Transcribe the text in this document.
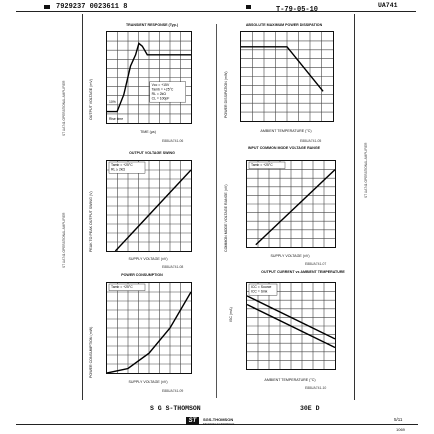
7929237 0023611 8	T-79-05-10
UA741
ST UA741 OPERATIONAL AMPLIFIER
ST UA741 OPERATIONAL AMPLIFIER
ST UA741 OPERATIONAL AMPLIFIER
TRANSIENT RESPONSE (Typ.)
OUTPUT VOLTAGE (mV)	Vcc = +15V
Tamb = +25°C
RL = 2kΩ
CL = 100pF
10%
Rise time
TIME (µs)
E88UA741-06
ABSOLUTE MAXIMUM POWER DISSIPATION
POWER DISSIPATION (mW)
AMBIENT TEMPERATURE (°C)
E88UA741-05
OUTPUT VOLTAGE SWING
PEAK TO PEAK OUTPUT SWING (V)
Tamb = +25°C
RL ≥ 2kΩ
SUPPLY VOLTAGE (±V)
E88UA741-08
INPUT COMMON MODE VOLTAGE RANGE
COMMON MODE VOLTAGE RANGE (±V)
Tamb = +25°C
SUPPLY VOLTAGE (±V)
E88UA741-07
POWER CONSUMPTION
POWER CONSUMPTION (mW)
Tamb = +25°C
SUPPLY VOLTAGE (±V)
E88UA741-09
OUTPUT CURRENT vs AMBIENT TEMPERATURE
ISC (mA)
ICC = Source
ICC = Sink
AMBIENT TEMPERATURE (°C)
E88UA741-10
S G S-THOMSON	30E D
ST	SGS-THOMSON
MICROELECTRONICS
5/11
1069
